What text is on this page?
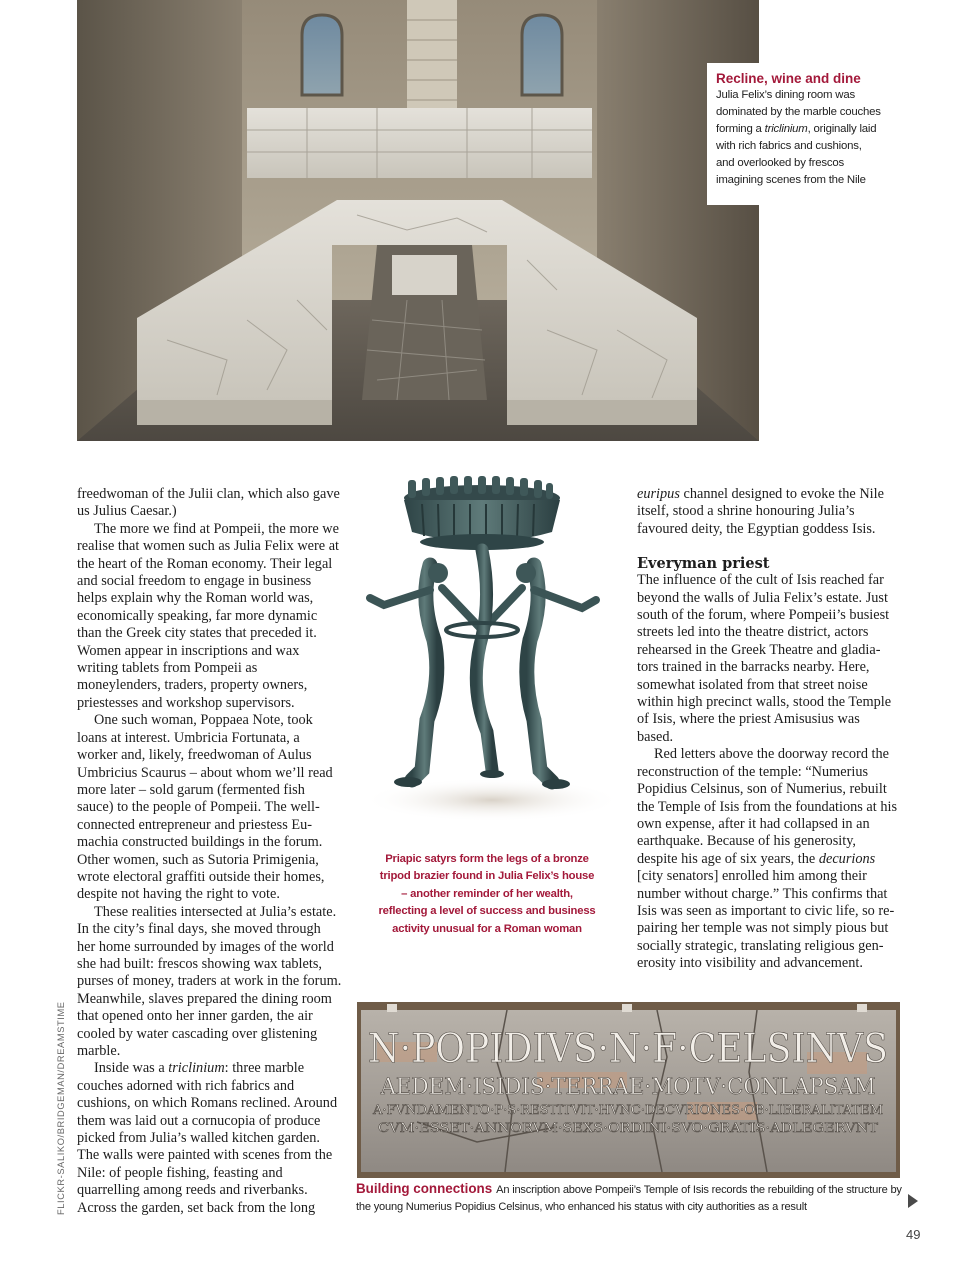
Recline, wine and dine
Julia Felix’s dining room was dominated by the marble couches forming a triclinium, originally laid with rich fabrics and cushions, and overlooked by frescos imagining scenes from the Nile

freedwoman of the Julii clan, which also gave us Julius Caesar.)

The more we find at Pompeii, the more we realise that women such as Julia Felix were at the heart of the Roman economy. Their legal and social freedom to engage in business helps explain why the Roman world was, economically speaking, far more dynamic than the Greek city states that preceded it. Women appear in inscriptions and wax writing tablets from Pompeii as moneylenders, traders, property owners, priestesses and workshop supervisors.

One such woman, Poppaea Note, took loans at interest. Umbricia Fortunata, a worker and, likely, freedwoman of Aulus Umbricius Scaurus – about whom we’ll read more later – sold garum (fermented fish sauce) to the people of Pompeii. The well-connected entrepreneur and priestess Eu-machia constructed buildings in the forum. Other women, such as Sutoria Primigenia, wrote electoral graffiti outside their homes, despite not having the right to vote.

These realities intersected at Julia’s estate. In the city’s final days, she moved through her home surrounded by images of the world she had built: frescos showing wax tablets, purses of money, traders at work in the forum. Meanwhile, slaves prepared the dining room that opened onto her inner garden, the air cooled by water cascading over glistening marble.

Inside was a triclinium: three marble couches adorned with rich fabrics and cushions, on which Romans reclined. Around them was laid out a cornucopia of produce picked from Julia’s walled kitchen garden. The walls were painted with scenes from the Nile: of people fishing, feasting and quarrelling among reeds and riverbanks. Across the garden, set back from the long

Priapic satyrs form the legs of a bronze tripod brazier found in Julia Felix’s house – another reminder of her wealth, reflecting a level of success and business activity unusual for a Roman woman

euripus channel designed to evoke the Nile itself, stood a shrine honouring Julia’s favoured deity, the Egyptian goddess Isis.

Everyman priest

The influence of the cult of Isis reached far beyond the walls of Julia Felix’s estate. Just south of the forum, where Pompeii’s busiest streets led into the theatre district, actors rehearsed in the Greek Theatre and gladia-tors trained in the barracks nearby. Here, somewhat isolated from that street noise within high precinct walls, stood the Temple of Isis, where the priest Amisusius was based.

Red letters above the doorway record the reconstruction of the temple: “Numerius Popidius Celsinus, son of Numerius, rebuilt the Temple of Isis from the foundations at his own expense, after it had collapsed in an earthquake. Because of his generosity, despite his age of six years, the decurions [city senators] enrolled him among their number without charge.” This confirms that Isis was seen as important to civic life, so re-pairing her temple was not simply pious but socially strategic, translating religious gen-erosity into visibility and advancement.

N·POPIDIVS·N·F·CELSINVS
AEDEM·ISIDIS·TERRAE·MOTV·CONLAPSAM
A·FVNDAMENTO·P·S·RESTITVIT·HVNC·DECVRIONES·OB·LIBERALITATEM
CVM·ESSET·ANNORVM·SEXS·ORDINI·SVO·GRATIS·ADLEGERVNT
Building connections An inscription above Pompeii’s Temple of Isis records the rebuilding of the structure by the young Numerius Popidius Celsinus, who enhanced his status with city authorities as a result
FLICKR-SALIKO/BRIDGEMAN/DREAMSTIME
49
